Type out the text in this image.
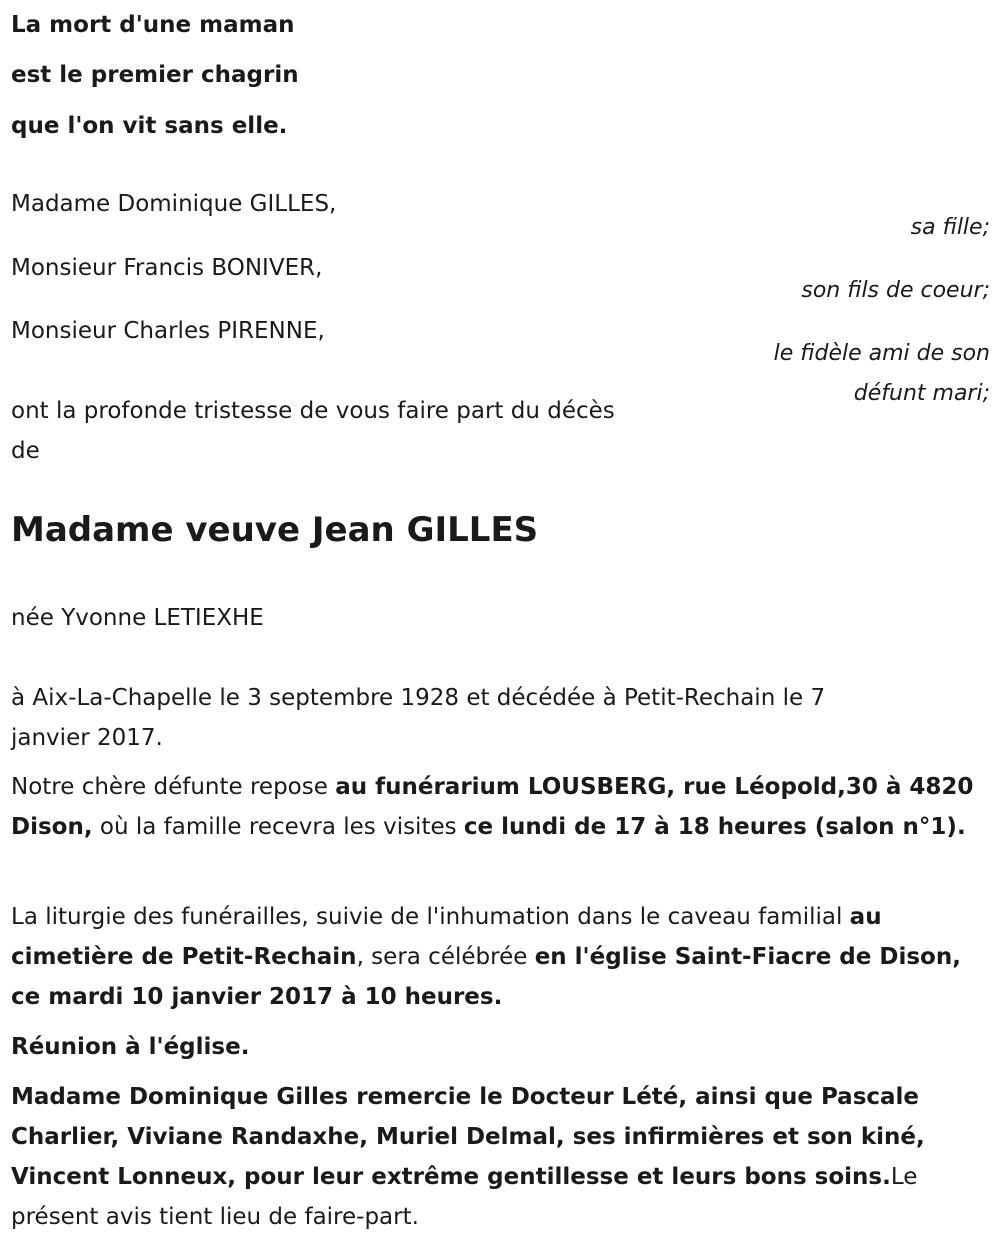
La mort d'une maman
est le premier chagrin
que l'on vit sans elle.
Madame Dominique GILLES,
Monsieur Francis BONIVER,
Monsieur Charles PIRENNE,
sa fille;
son fils de coeur;
le fidèle ami de son
défunt mari;
ont la profonde tristesse de vous faire part du décès
de
Madame veuve Jean GILLES
née Yvonne LETIEXHE
à Aix-La-Chapelle le 3 septembre 1928 et décédée à Petit-Rechain le 7
janvier 2017.

Notre chère défunte repose au funérarium LOUSBERG, rue Léopold,30 à 4820 Dison, où la famille recevra les visites ce lundi de 17 à 18 heures (salon n°1).

La liturgie des funérailles, suivie de l'inhumation dans le caveau familial au cimetière de Petit-Rechain, sera célébrée en l'église Saint-Fiacre de Dison, ce mardi 10 janvier 2017 à 10 heures.

Réunion à l'église.

Madame Dominique Gilles remercie le Docteur Lété, ainsi que Pascale Charlier, Viviane Randaxhe, Muriel Delmal, ses infirmières et son kiné, Vincent Lonneux, pour leur extrême gentillesse et leurs bons soins.Le présent avis tient lieu de faire-part.
